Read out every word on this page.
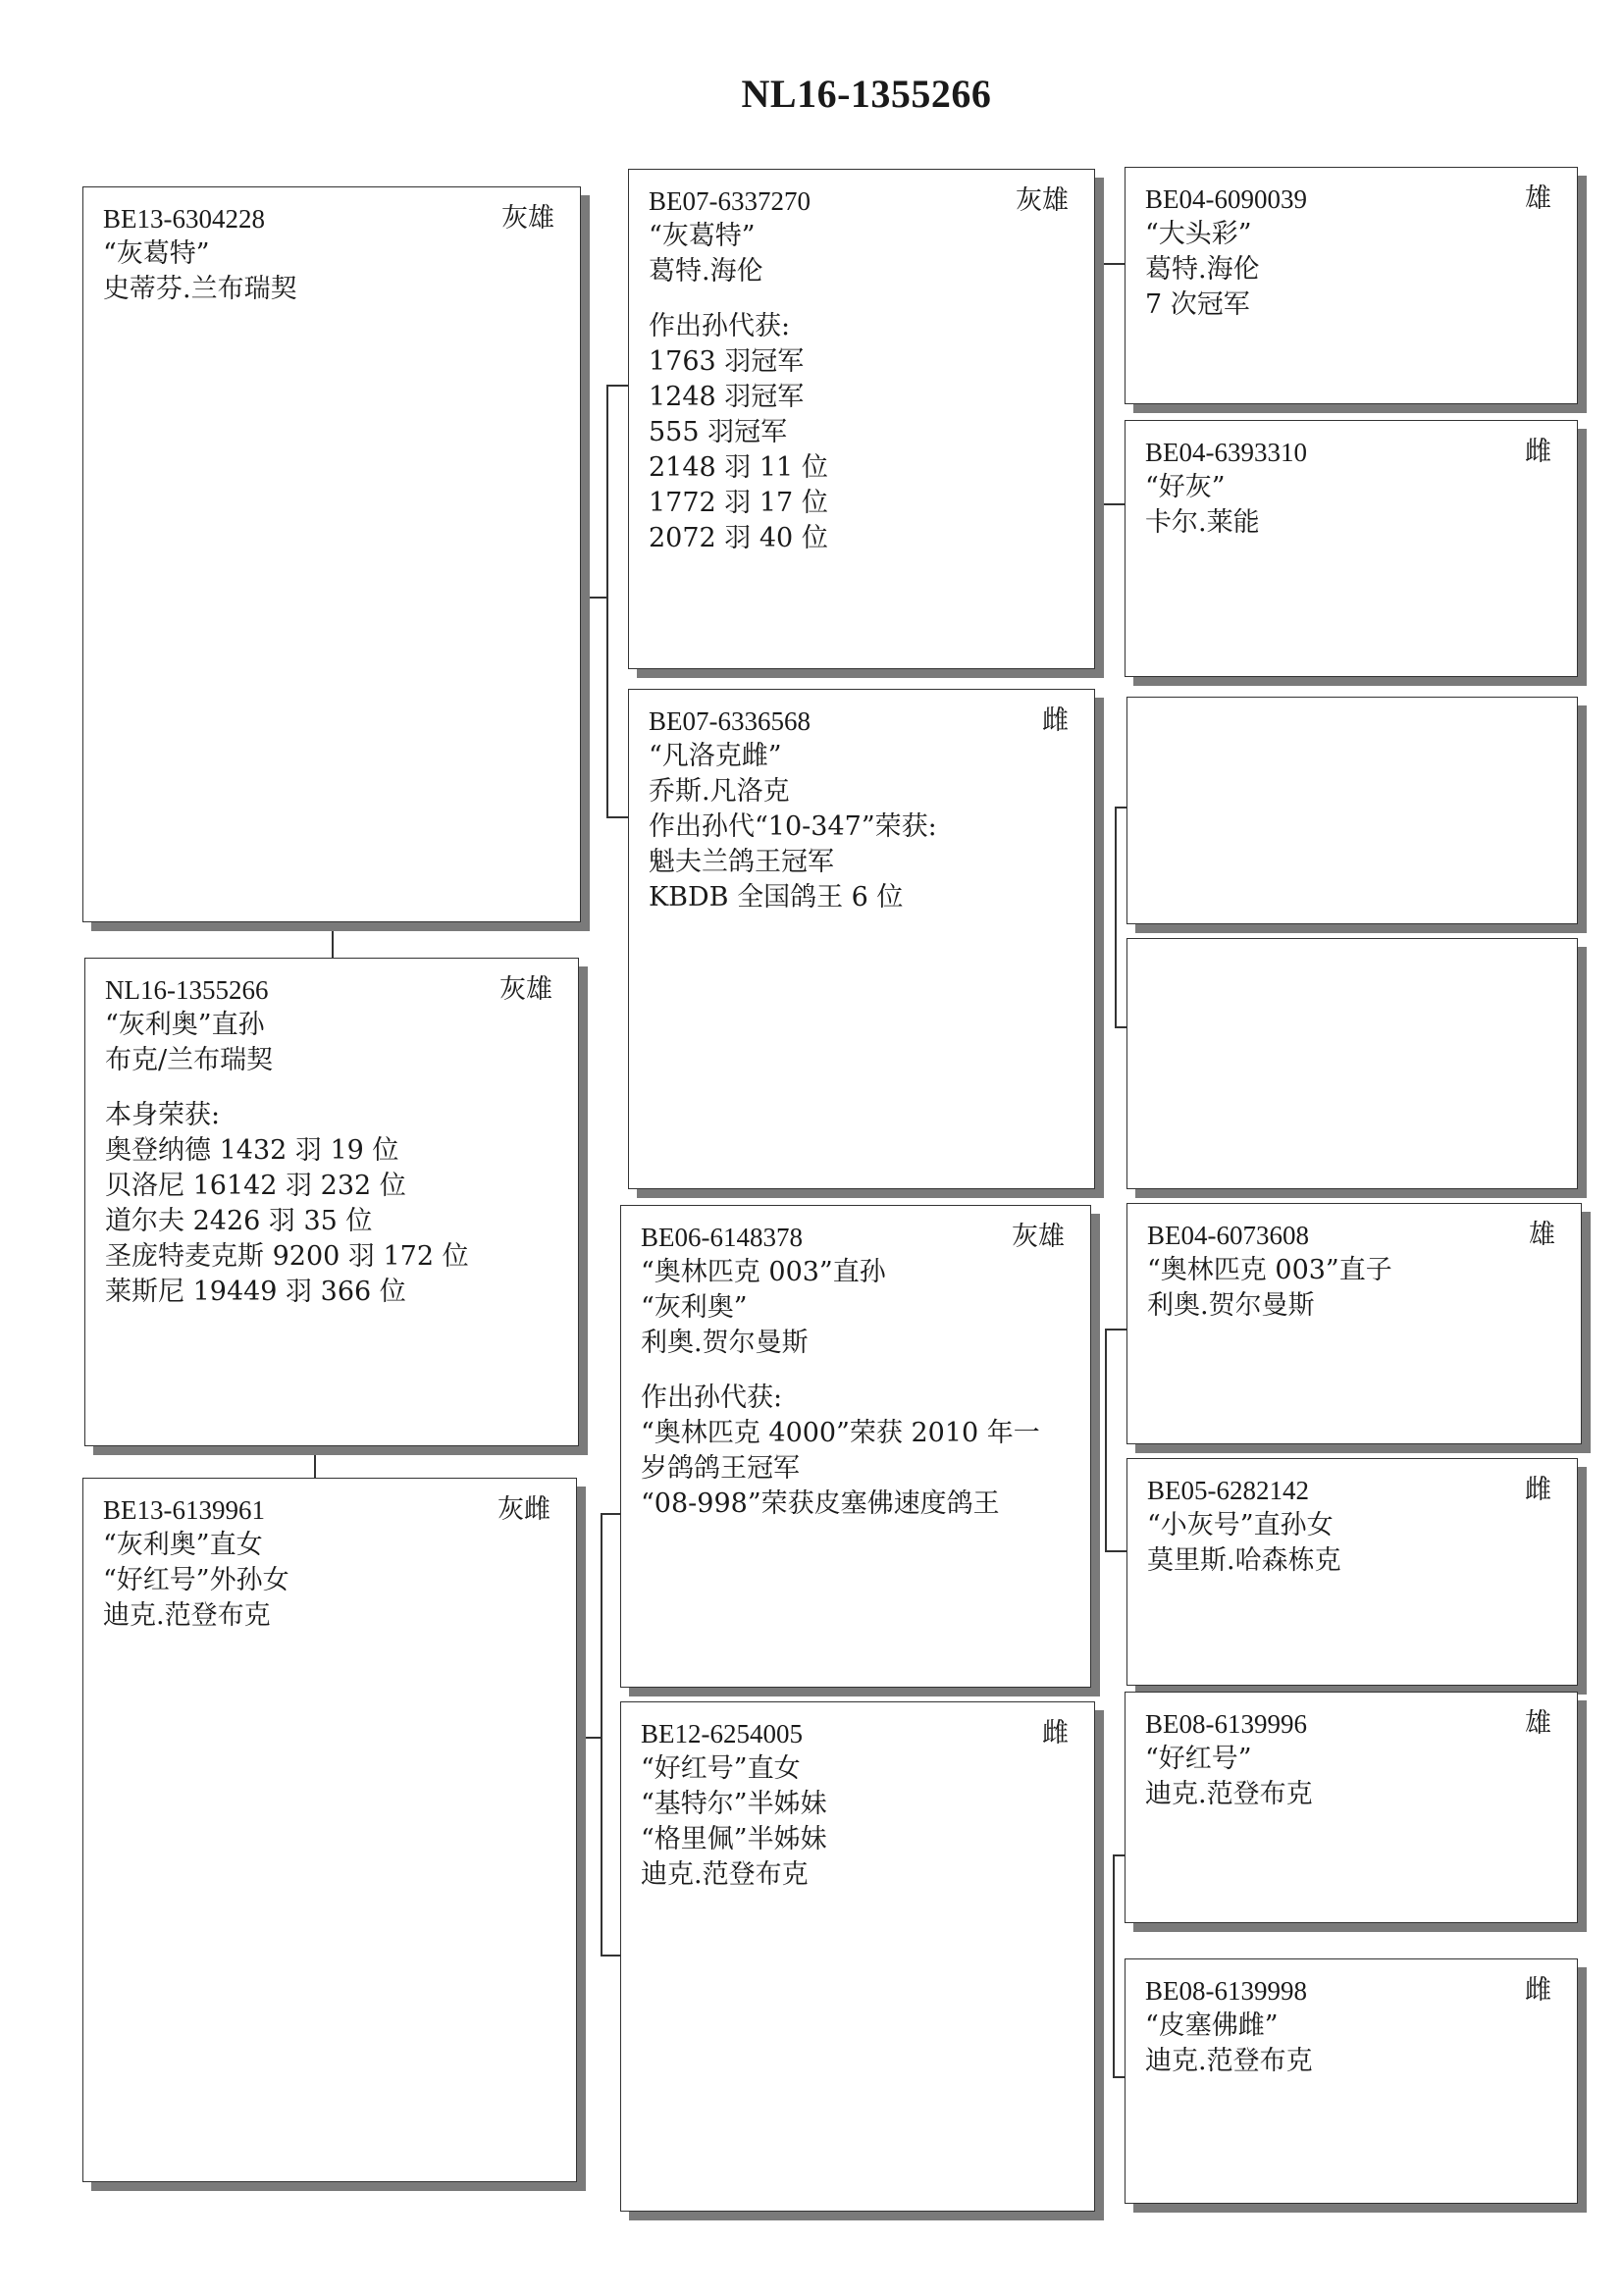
NL16-1355266
BE13-6304228	灰雄
“灰葛特”
史蒂芬.兰布瑞契
NL16-1355266	灰雄
“灰利奥”直孙
布克/兰布瑞契
本身荣获:
奥登纳德 1432 羽 19 位
贝洛尼 16142 羽 232 位
道尔夫 2426 羽 35 位
圣庞特麦克斯 9200 羽 172 位
莱斯尼 19449 羽 366 位
BE13-6139961	灰雌
“灰利奥”直女
“好红号”外孙女
迪克.范登布克
BE07-6337270	灰雄
“灰葛特”
葛特.海伦
作出孙代获:
1763 羽冠军
1248 羽冠军
555 羽冠军
2148 羽 11 位
1772 羽 17 位
2072 羽 40 位
BE07-6336568	雌
“凡洛克雌”
乔斯.凡洛克
作出孙代“10-347”荣获:
魁夫兰鸽王冠军
KBDB 全国鸽王 6 位
BE06-6148378	灰雄
“奥林匹克 003”直孙
“灰利奥”
利奥.贺尔曼斯
作出孙代获:
“奥林匹克 4000”荣获 2010 年一
岁鸽鸽王冠军
“08-998”荣获皮塞佛速度鸽王
BE12-6254005	雌
“好红号”直女
“基特尔”半姊妹
“格里佩”半姊妹
迪克.范登布克
BE04-6090039	雄
“大头彩”
葛特.海伦
7 次冠军
BE04-6393310	雌
“好灰”
卡尔.莱能
BE04-6073608	雄
“奥林匹克 003”直子
利奥.贺尔曼斯
BE05-6282142	雌
“小灰号”直孙女
莫里斯.哈森栋克
BE08-6139996	雄
“好红号”
迪克.范登布克
BE08-6139998	雌
“皮塞佛雌”
迪克.范登布克
